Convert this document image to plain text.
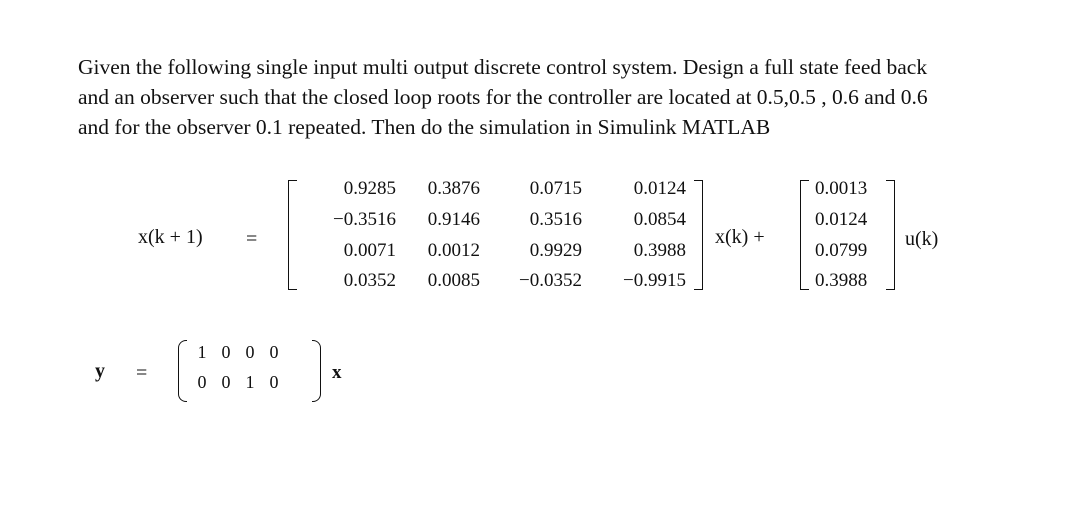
Given the following single input multi output discrete control system. Design a full state feed back
and an observer such that the closed loop roots for the controller are located at 0.5,0.5 , 0.6 and 0.6
and for the observer 0.1 repeated. Then do the simulation in Simulink MATLAB
x(k + 1) =
0.9285 0.3876	0.0715	0.0124
−0.3516 0.9146	0.3516	0.0854
0.0071 0.0012	0.9929	0.3988
0.0352 0.0085 −0.0352 −0.9915
x(k) +
0.0013
0.0124
0.0799
0.3988
u(k)
y =
1 0 0 0
0 0 1 0	x
